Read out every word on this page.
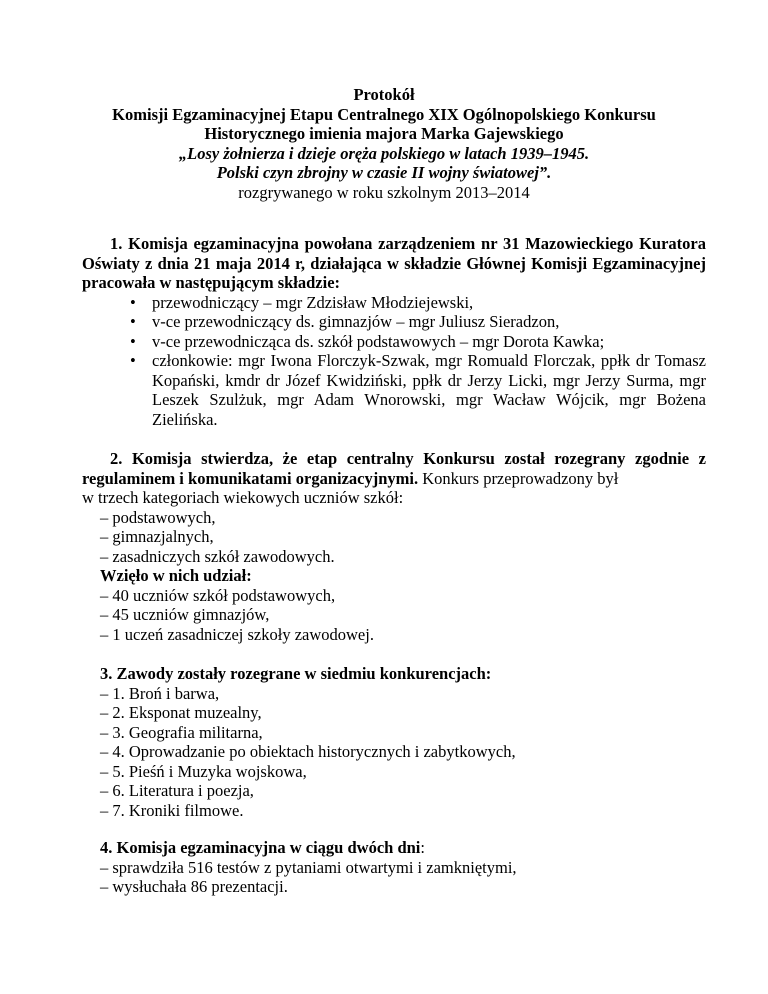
Protokół
Komisji Egzaminacyjnej Etapu Centralnego XIX Ogólnopolskiego Konkursu
Historycznego imienia majora Marka Gajewskiego
„Losy żołnierza i dzieje oręża polskiego w latach 1939–1945.
Polski czyn zbrojny w czasie II wojny światowej”.
rozgrywanego w roku szkolnym 2013–2014
1. Komisja egzaminacyjna powołana zarządzeniem nr 31 Mazowieckiego Kuratora Oświaty z dnia 21 maja 2014 r, działająca w składzie Głównej Komisji Egzaminacyjnej pracowała w następującym składzie:
• przewodniczący – mgr Zdzisław Młodziejewski,
• v-ce przewodniczący ds. gimnazjów – mgr Juliusz Sieradzon,
• v-ce przewodnicząca ds. szkół podstawowych – mgr Dorota Kawka;
• członkowie: mgr Iwona Florczyk-Szwak, mgr Romuald Florczak, ppłk dr Tomasz Kopański, kmdr dr Józef Kwidziński, ppłk dr Jerzy Licki, mgr Jerzy Surma, mgr Leszek Szulżuk, mgr Adam Wnorowski, mgr Wacław Wójcik, mgr Bożena Zielińska.
2. Komisja stwierdza, że etap centralny Konkursu został rozegrany zgodnie z regulaminem i komunikatami organizacyjnymi. Konkurs przeprowadzony był
w trzech kategoriach wiekowych uczniów szkół:
– podstawowych,
– gimnazjalnych,
– zasadniczych szkół zawodowych.
Wzięło w nich udział:
– 40 uczniów szkół podstawowych,
– 45 uczniów gimnazjów,
– 1 uczeń zasadniczej szkoły zawodowej.
3. Zawody zostały rozegrane w siedmiu konkurencjach:
– 1. Broń i barwa,
– 2. Eksponat muzealny,
– 3. Geografia militarna,
– 4. Oprowadzanie po obiektach historycznych i zabytkowych,
– 5. Pieśń i Muzyka wojskowa,
– 6. Literatura i poezja,
– 7. Kroniki filmowe.
4. Komisja egzaminacyjna w ciągu dwóch dni:
– sprawdziła 516 testów z pytaniami otwartymi i zamkniętymi,
– wysłuchała 86 prezentacji.
